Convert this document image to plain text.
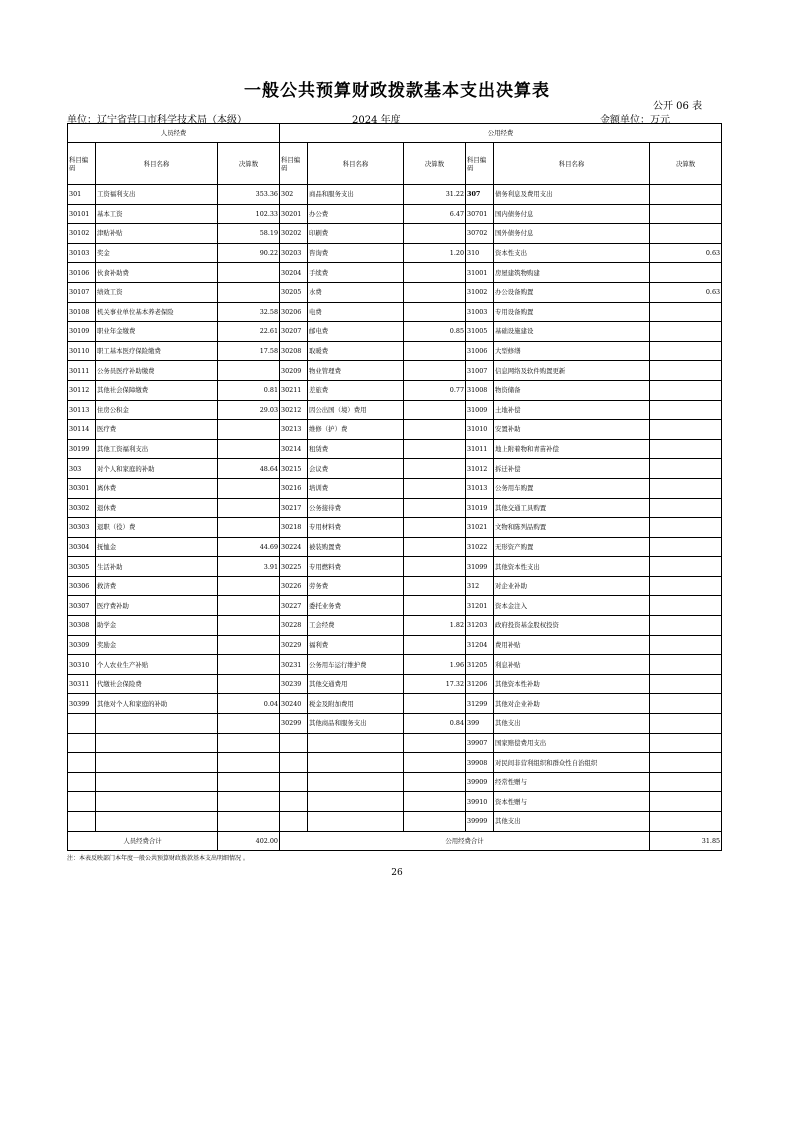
一般公共预算财政拨款基本支出决算表
公开 06 表
单位：辽宁省营口市科学技术局（本级）	2024 年度	金额单位：万元
人员经费			公用经费					
科目编码	科目名称	决算数	科目编码	科目名称	决算数	科目编码	科目名称	决算数
301	工资福利支出	353.36	302	商品和服务支出	31.22	307	债务利息及费用支出	
30101	基本工资	102.33	30201	办公费	6.47	30701	国内债务付息	
30102	津贴补贴	58.19	30202	印刷费		30702	国外债务付息	
30103	奖金	90.22	30203	咨询费	1.20	310	资本性支出	0.63
30106	伙食补助费		30204	手续费		31001	房屋建筑物购建	
30107	绩效工资		30205	水费		31002	办公设备购置	0.63
30108	机关事业单位基本养老保险	32.58	30206	电费		31003	专用设备购置	
30109	职业年金缴费	22.61	30207	邮电费	0.85	31005	基础设施建设	
30110	职工基本医疗保险缴费	17.58	30208	取暖费		31006	大型修缮	
30111	公务员医疗补助缴费		30209	物业管理费		31007	信息网络及软件购置更新	
30112	其他社会保障缴费	0.81	30211	差旅费	0.77	31008	物资储备	
30113	住房公积金	29.03	30212	因公出国（境）费用		31009	土地补偿	
30114	医疗费		30213	维修（护）费		31010	安置补助	
30199	其他工资福利支出		30214	租赁费		31011	地上附着物和青苗补偿	
303	对个人和家庭的补助	48.64	30215	会议费		31012	拆迁补偿	
30301	离休费		30216	培训费		31013	公务用车购置	
30302	退休费		30217	公务接待费		31019	其他交通工具购置	
30303	退职（役）费		30218	专用材料费		31021	文物和陈列品购置	
30304	抚恤金	44.69	30224	被装购置费		31022	无形资产购置	
30305	生活补助	3.91	30225	专用燃料费		31099	其他资本性支出	
30306	救济费		30226	劳务费		312	对企业补助	
30307	医疗费补助		30227	委托业务费		31201	资本金注入	
30308	助学金		30228	工会经费	1.82	31203	政府投资基金股权投资	
30309	奖励金		30229	福利费		31204	费用补贴	
30310	个人农业生产补贴		30231	公务用车运行维护费	1.96	31205	利息补贴	
30311	代缴社会保险费		30239	其他交通费用	17.32	31206	其他资本性补助	
30399	其他对个人和家庭的补助	0.04	30240	税金及附加费用		31299	其他对企业补助	
			30299	其他商品和服务支出	0.84	399	其他支出	
						39907	国家赔偿费用支出	
						39908	对民间非营利组织和群众性自治组织	
						39909	经常性赠与	
						39910	资本性赠与	
						39999	其他支出	
人员经费合计		402.00	公用经费合计					31.85
注：本表反映部门本年度一般公共预算财政拨款基本支出明细情况 。
26
